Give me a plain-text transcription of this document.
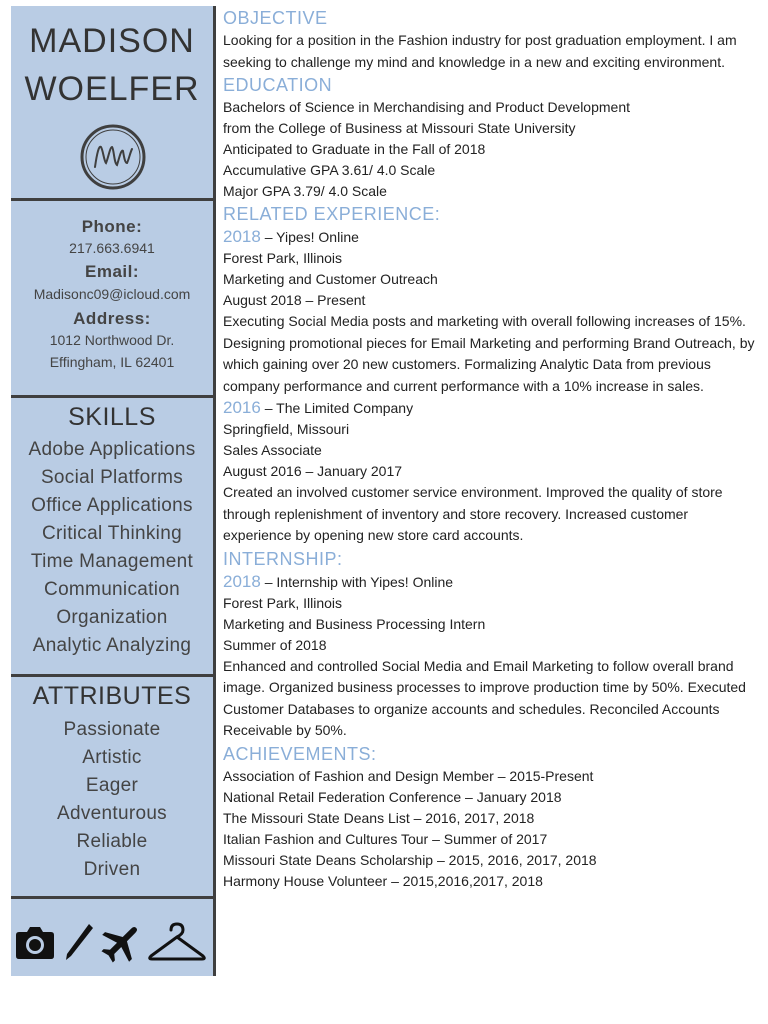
MADISON
WOELFER
MW
Phone:
217.663.6941
Email:
Madisonc09@icloud.com
Address:
1012 Northwood Dr.
Effingham, IL 62401
SKILLS
Adobe Applications
Social Platforms
Office Applications
Critical Thinking
Time Management
Communication
Organization
Analytic Analyzing
ATTRIBUTES
Passionate
Artistic
Eager
Adventurous
Reliable
Driven
OBJECTIVE
Looking for a position in the Fashion industry for post graduation employment. I am seeking to challenge my mind and knowledge in a new and exciting environment.
EDUCATION
Bachelors of Science in Merchandising and Product Development
from the College of Business at Missouri State University
Anticipated to Graduate in the Fall of 2018
Accumulative GPA 3.61/ 4.0 Scale
Major GPA 3.79/ 4.0 Scale
RELATED EXPERIENCE:
2018 – Yipes! Online
Forest Park, Illinois
Marketing and Customer Outreach
August 2018 – Present
Executing Social Media posts and marketing with overall following increases of 15%. Designing promotional pieces for Email Marketing and performing Brand Outreach, by which gaining over 20 new customers. Formalizing Analytic Data from previous company performance and current performance with a 10% increase in sales.
2016 – The Limited Company
Springfield, Missouri
Sales Associate
August 2016 – January 2017
Created an involved customer service environment. Improved the quality of store through replenishment of inventory and store recovery. Increased customer experience by opening new store card accounts.
INTERNSHIP:
2018 – Internship with Yipes! Online
Forest Park, Illinois
Marketing and Business Processing Intern
Summer of 2018
Enhanced and controlled Social Media and Email Marketing to follow overall brand image. Organized business processes to improve production time by 50%. Executed Customer Databases to organize accounts and schedules. Reconciled Accounts Receivable by 50%.
ACHIEVEMENTS:
Association of Fashion and Design Member – 2015-Present
National Retail Federation Conference – January 2018
The Missouri State Deans List – 2016, 2017, 2018
Italian Fashion and Cultures Tour – Summer of 2017
Missouri State Deans Scholarship – 2015, 2016, 2017, 2018
Harmony House Volunteer – 2015,2016,2017, 2018
